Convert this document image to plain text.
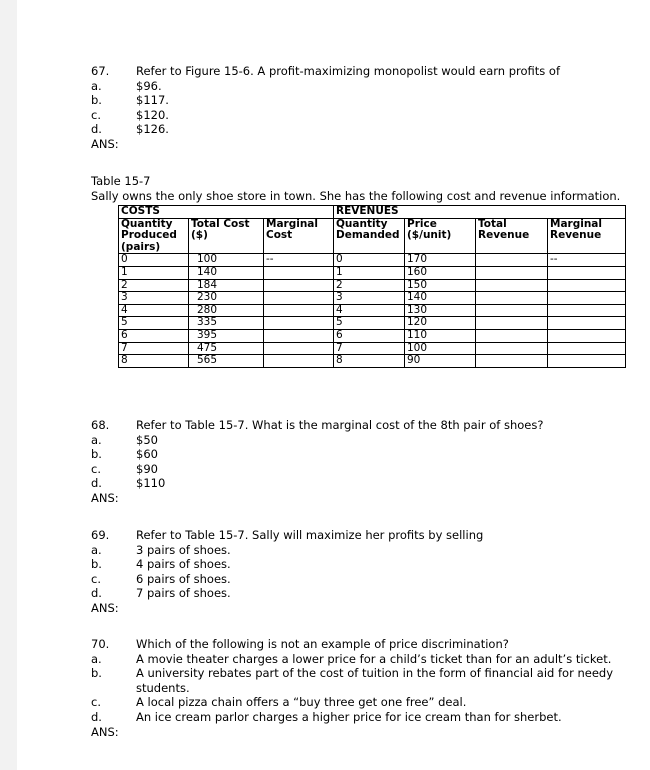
67.	Refer to Figure 15-6. A profit-maximizing monopolist would earn profits of
a.	$96.
b.	$117.
c.	$120.
d.	$126.
ANS:
Table 15-7
Sally owns the only shoe store in town. She has the following cost and revenue information.
COSTS			REVENUES			
Quantity Produced (pairs)	Total Cost ($)	Marginal Cost	Quantity Demanded	Price ($/unit)	Total Revenue	Marginal Revenue
0	100	--	0	170		--
1	140		1	160		
2	184		2	150		
3	230		3	140		
4	280		4	130		
5	335		5	120		
6	395		6	110		
7	475		7	100		
8	565		8	90		
68.	Refer to Table 15-7. What is the marginal cost of the 8th pair of shoes?
a.	$50
b.	$60
c.	$90
d.	$110
ANS:
69.	Refer to Table 15-7. Sally will maximize her profits by selling
a.	3 pairs of shoes.
b.	4 pairs of shoes.
c.	6 pairs of shoes.
d.	7 pairs of shoes.
ANS:
70.	Which of the following is not an example of price discrimination?
a.	A movie theater charges a lower price for a child’s ticket than for an adult’s ticket.
b.	A university rebates part of the cost of tuition in the form of financial aid for needy students.
c.	A local pizza chain offers a “buy three get one free” deal.
d.	An ice cream parlor charges a higher price for ice cream than for sherbet.
ANS:
